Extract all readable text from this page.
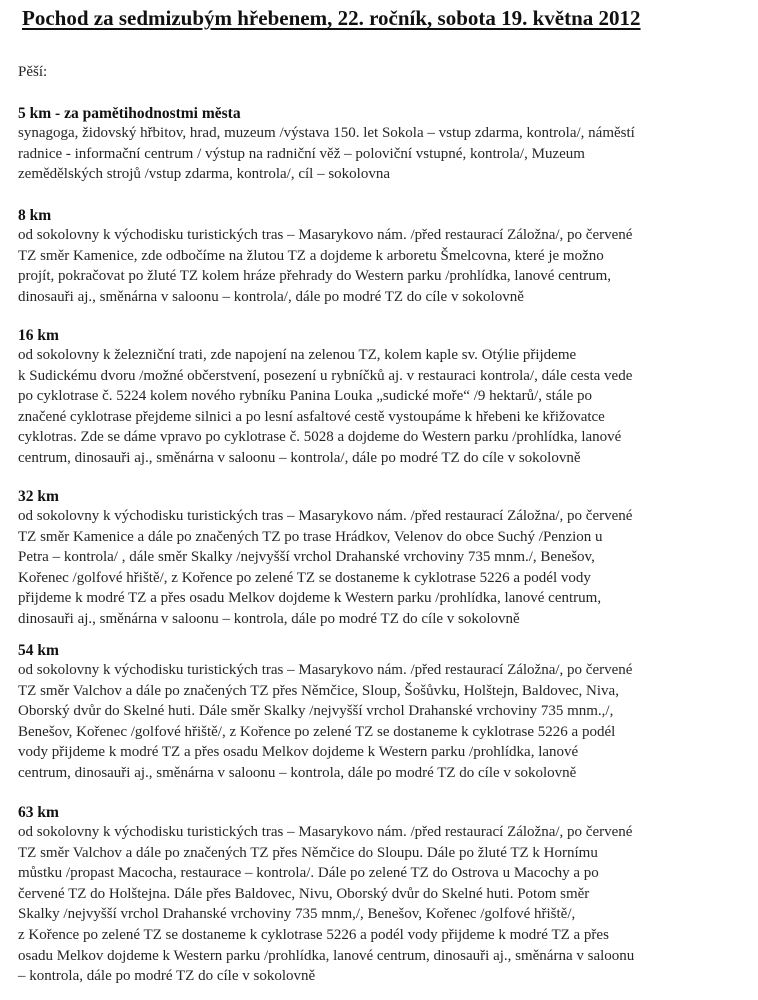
Pochod za sedmizubým hřebenem, 22. ročník, sobota 19. května 2012
Pěší:
5 km - za pamětihodnostmi města
synagoga, židovský hřbitov, hrad, muzeum /výstava 150. let Sokola – vstup zdarma, kontrola/, náměstí
radnice - informační centrum / výstup na radniční věž – poloviční vstupné, kontrola/, Muzeum
zemědělských strojů /vstup zdarma, kontrola/, cíl – sokolovna
8 km
od sokolovny k východisku turistických tras – Masarykovo nám. /před restaurací Záložna/, po červené
TZ směr Kamenice, zde odbočíme na žlutou TZ a dojdeme k arboretu Šmelcovna, které je možno
projít, pokračovat po žluté TZ kolem hráze přehrady do Western parku /prohlídka, lanové centrum,
dinosauři aj., směnárna v saloonu – kontrola/, dále po modré TZ do cíle v sokolovně
16 km
od sokolovny k železniční trati, zde napojení na zelenou TZ, kolem kaple sv. Otýlie přijdeme
k Sudickému dvoru /možné občerstvení, posezení u rybníčků aj. v restauraci kontrola/, dále cesta vede
po cyklotrase č. 5224 kolem nového rybníku Panina Louka „sudické moře“ /9 hektarů/, stále po
značené cyklotrase přejdeme silnici a po lesní asfaltové cestě vystoupáme k hřebeni ke křižovatce
cyklotras. Zde se dáme vpravo po cyklotrase č. 5028 a dojdeme do Western parku /prohlídka, lanové
centrum, dinosauři aj., směnárna v saloonu – kontrola/, dále po modré TZ do cíle v sokolovně
32 km
od sokolovny k východisku turistických tras – Masarykovo nám. /před restaurací Záložna/, po červené
TZ směr Kamenice a dále po značených TZ po trase Hrádkov, Velenov do obce Suchý /Penzion u
Petra – kontrola/ , dále směr Skalky /nejvyšší vrchol Drahanské vrchoviny 735 mnm./, Benešov,
Kořenec /golfové hřiště/, z Kořence po zelené TZ se dostaneme k cyklotrase 5226 a podél vody
přijdeme k modré TZ a přes osadu Melkov dojdeme k Western parku /prohlídka, lanové centrum,
dinosauři aj., směnárna v saloonu – kontrola, dále po modré TZ do cíle v sokolovně
54 km
od sokolovny k východisku turistických tras – Masarykovo nám. /před restaurací Záložna/, po červené
TZ směr Valchov a dále po značených TZ přes Němčice, Sloup, Šošůvku, Holštejn, Baldovec, Niva,
Oborský dvůr do Skelné huti. Dále směr Skalky /nejvyšší vrchol Drahanské vrchoviny 735 mnm.,/,
Benešov, Kořenec /golfové hřiště/, z Kořence po zelené TZ se dostaneme k cyklotrase 5226 a podél
vody přijdeme k modré TZ a přes osadu Melkov dojdeme k Western parku /prohlídka, lanové
centrum, dinosauři aj., směnárna v saloonu – kontrola, dále po modré TZ do cíle v sokolovně
63 km
od sokolovny k východisku turistických tras – Masarykovo nám. /před restaurací Záložna/, po červené
TZ směr Valchov a dále po značených TZ přes Němčice do Sloupu. Dále po žluté TZ k Hornímu
můstku /propast Macocha, restaurace – kontrola/. Dále po zelené TZ do Ostrova u Macochy a po
červené TZ do Holštejna. Dále přes Baldovec, Nivu, Oborský dvůr do Skelné huti. Potom směr
Skalky /nejvyšší vrchol Drahanské vrchoviny 735 mnm,/, Benešov, Kořenec /golfové hřiště/,
z Kořence po zelené TZ se dostaneme k cyklotrase 5226 a podél vody přijdeme k modré TZ a přes
osadu Melkov dojdeme k Western parku /prohlídka, lanové centrum, dinosauři aj., směnárna v saloonu
– kontrola, dále po modré TZ do cíle v sokolovně
